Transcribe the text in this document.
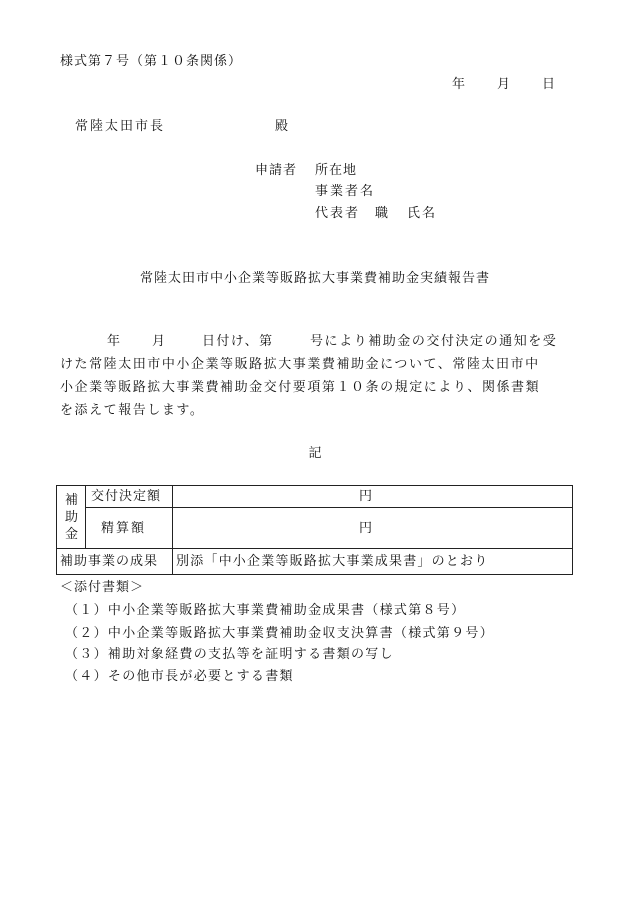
様式第７号（第１０条関係）
年 月 日
常陸太田市長	殿
申請者 所在地
事業者名
代表者 職 氏名
常陸太田市中小企業等販路拡大事業費補助金実績報告書
年 月	日付け、第	号により補助金の交付決定の通知を受
けた常陸太田市中小企業等販路拡大事業費補助金について、常陸太田市中
小企業等販路拡大事業費補助金交付要項第１０条の規定により、関係書類
を添えて報告します。
記
補
助
金
交付決定額	円
精算額	円
補助事業の成果 別添「中小企業等販路拡大事業成果書」のとおり
＜添付書類＞
（１）中小企業等販路拡大事業費補助金成果書（様式第８号）
（２）中小企業等販路拡大事業費補助金収支決算書（様式第９号）
（３）補助対象経費の支払等を証明する書類の写し
（４）その他市長が必要とする書類
